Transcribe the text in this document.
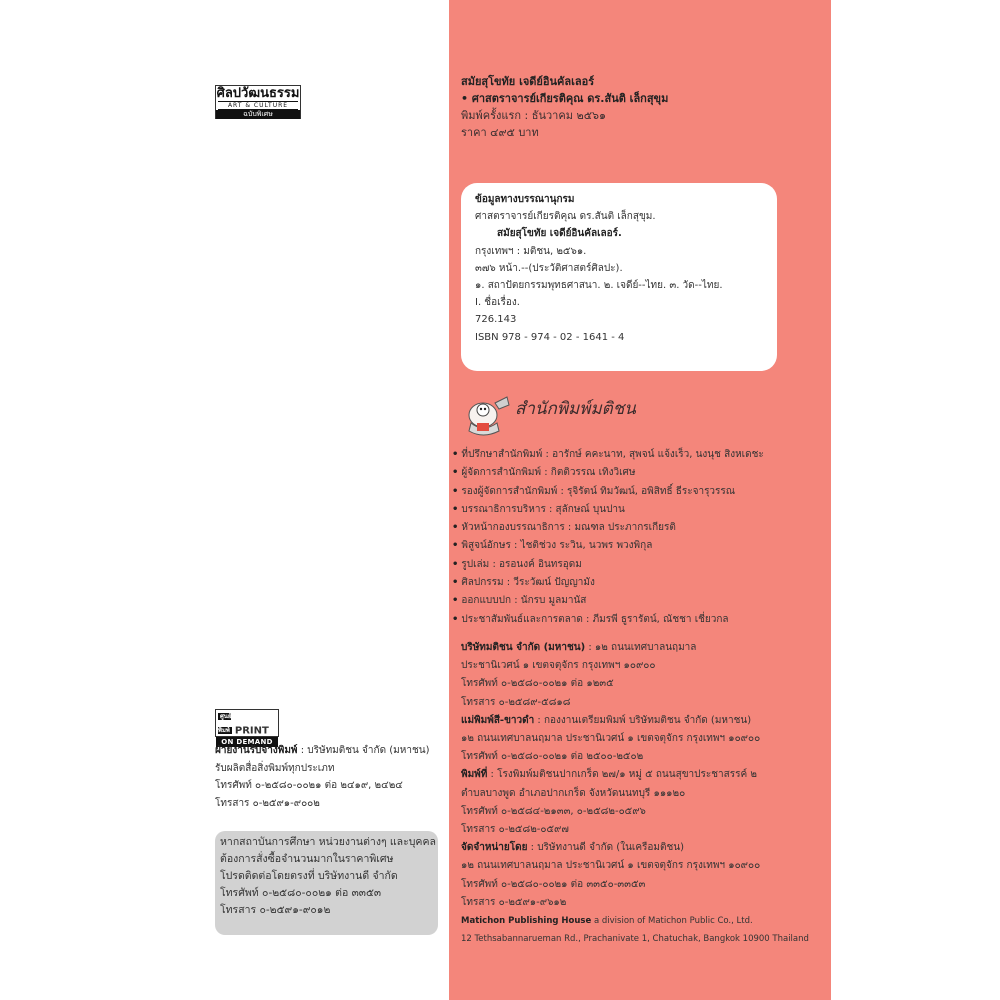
ศิลปวัฒนธรรม
ART & CULTURE
ฉบับพิเศษ
ศูนย์พิมพ์ PRINT
ON DEMAND
ฝ่ายงานรับจ้างพิมพ์ : บริษัทมติชน จำกัด (มหาชน)
รับผลิตสื่อสิ่งพิมพ์ทุกประเภท
โทรศัพท์ ๐-๒๕๘๐-๐๐๒๑ ต่อ ๒๔๑๙, ๒๔๒๔
โทรสาร ๐-๒๕๙๑-๙๐๐๒
หากสถาบันการศึกษา หน่วยงานต่างๆ และบุคคล
ต้องการสั่งซื้อจำนวนมากในราคาพิเศษ
โปรดติดต่อโดยตรงที่ บริษัทงานดี จำกัด
โทรศัพท์ ๐-๒๕๘๐-๐๐๒๑ ต่อ ๓๓๕๓
โทรสาร ๐-๒๕๙๑-๙๐๑๒
สมัยสุโขทัย เจดีย์อินคัลเลอร์
• ศาสตราจารย์เกียรติคุณ ดร.สันติ เล็กสุขุม
พิมพ์ครั้งแรก : ธันวาคม ๒๕๖๑
ราคา ๔๙๕ บาท
ข้อมูลทางบรรณานุกรม
ศาสตราจารย์เกียรติคุณ ดร.สันติ เล็กสุขุม.
สมัยสุโขทัย เจดีย์อินคัลเลอร์.
กรุงเทพฯ : มติชน, ๒๕๖๑.
๓๗๖ หน้า.--(ประวัติศาสตร์ศิลปะ).
๑. สถาปัตยกรรมพุทธศาสนา. ๒. เจดีย์--ไทย. ๓. วัด--ไทย.
I. ชื่อเรื่อง.
726.143
ISBN 978 - 974 - 02 - 1641 - 4
สำนักพิมพ์มติชน
• ที่ปรึกษาสำนักพิมพ์ : อารักษ์ คคะนาท, สุพจน์ แจ้งเร็ว, นงนุช สิงหเดชะ
• ผู้จัดการสำนักพิมพ์ : กิตติวรรณ เทิงวิเศษ
• รองผู้จัดการสำนักพิมพ์ : รุจิรัตน์ ทิมวัฒน์, อพิสิทธิ์ ธีระจารุวรรณ
• บรรณาธิการบริหาร : สุลักษณ์ บุนปาน
• หัวหน้ากองบรรณาธิการ : มณฑล ประภากรเกียรติ
• พิสูจน์อักษร : ไชติช่วง ระวิน, นวพร พวงพิกุล
• รูปเล่ม : อรอนงค์ อินทรอุดม
• ศิลปกรรม : วีระวัฒน์ ปัญญามัง
• ออกแบบปก : นักรบ มูลมานัส
• ประชาสัมพันธ์และการตลาด : ภีมรพี ธูรารัตน์, ณัชชา เชี่ยวกล
บริษัทมติชน จำกัด (มหาชน) : ๑๒ ถนนเทศบาลนฤมาล
ประชานิเวศน์ ๑ เขตจตุจักร กรุงเทพฯ ๑๐๙๐๐
โทรศัพท์ ๐-๒๕๘๐-๐๐๒๑ ต่อ ๑๒๓๕
โทรสาร ๐-๒๕๘๙-๕๘๑๘
แม่พิมพ์สี-ขาวดำ : กองงานเตรียมพิมพ์ บริษัทมติชน จำกัด (มหาชน)
๑๒ ถนนเทศบาลนฤมาล ประชานิเวศน์ ๑ เขตจตุจักร กรุงเทพฯ ๑๐๙๐๐
โทรศัพท์ ๐-๒๕๘๐-๐๐๒๑ ต่อ ๒๕๐๐-๒๕๐๒
พิมพ์ที่ : โรงพิมพ์มติชนปากเกร็ด ๒๗/๑ หมู่ ๕ ถนนสุขาประชาสรรค์ ๒
ตำบลบางพูด อำเภอปากเกร็ด จังหวัดนนทบุรี ๑๑๑๒๐
โทรศัพท์ ๐-๒๕๘๔-๒๑๓๓, ๐-๒๕๘๒-๐๕๙๖
โทรสาร ๐-๒๕๘๒-๐๕๙๗
จัดจำหน่ายโดย : บริษัทงานดี จำกัด (ในเครือมติชน)
๑๒ ถนนเทศบาลนฤมาล ประชานิเวศน์ ๑ เขตจตุจักร กรุงเทพฯ ๑๐๙๐๐
โทรศัพท์ ๐-๒๕๘๐-๐๐๒๑ ต่อ ๓๓๕๐-๓๓๕๓
โทรสาร ๐-๒๕๙๑-๙๖๑๒
Matichon Publishing House a division of Matichon Public Co., Ltd.
12 Tethsabannarueman Rd., Prachanivate 1, Chatuchak, Bangkok 10900 Thailand
